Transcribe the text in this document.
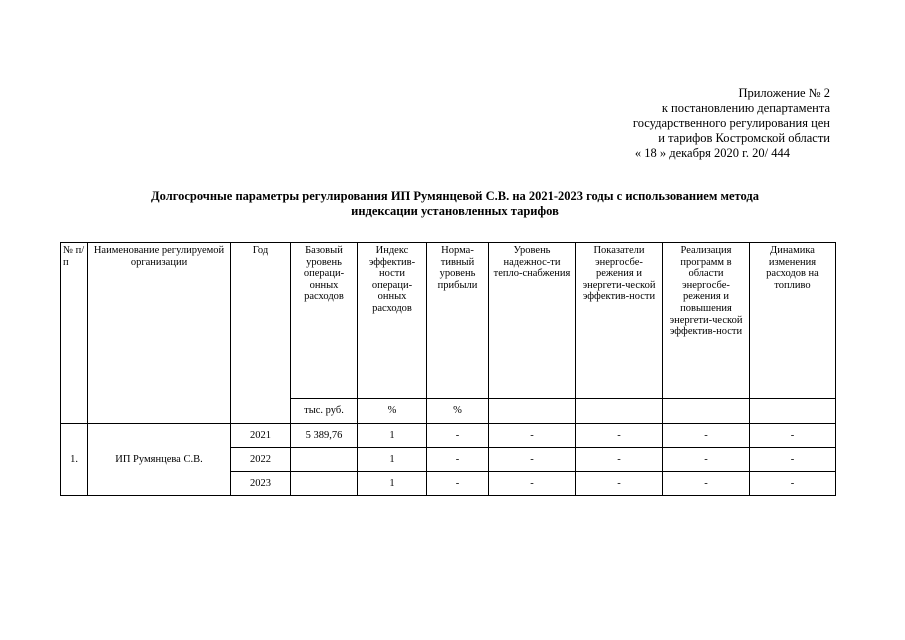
Приложение № 2
к постановлению департамента
государственного регулирования цен
и тарифов Костромской области
« 18 » декабря 2020 г. 20/ 444
Долгосрочные параметры регулирования ИП Румянцевой С.В. на 2021-2023 годы с использованием метода
индексации установленных тарифов
№ п/п	Наименование регулируемой организации	Год	Базовый уровень операци-онных расходов	Индекс эффектив-ности операци-онных расходов	Норма-тивный уровень прибыли	Уровень надежнос-ти тепло-снабжения	Показатели энергосбе-режения и энергети-ческой эффектив-ности	Реализация программ в области энергосбе-режения и повышения энергети-ческой эффектив-ности	Динамика изменения расходов на топливо
			тыс. руб.	%	%				
1.	ИП Румянцева С.В.	2021	5 389,76	1	-	-	-	-	-
		2022		1	-	-	-	-	-
		2023		1	-	-	-	-	-
